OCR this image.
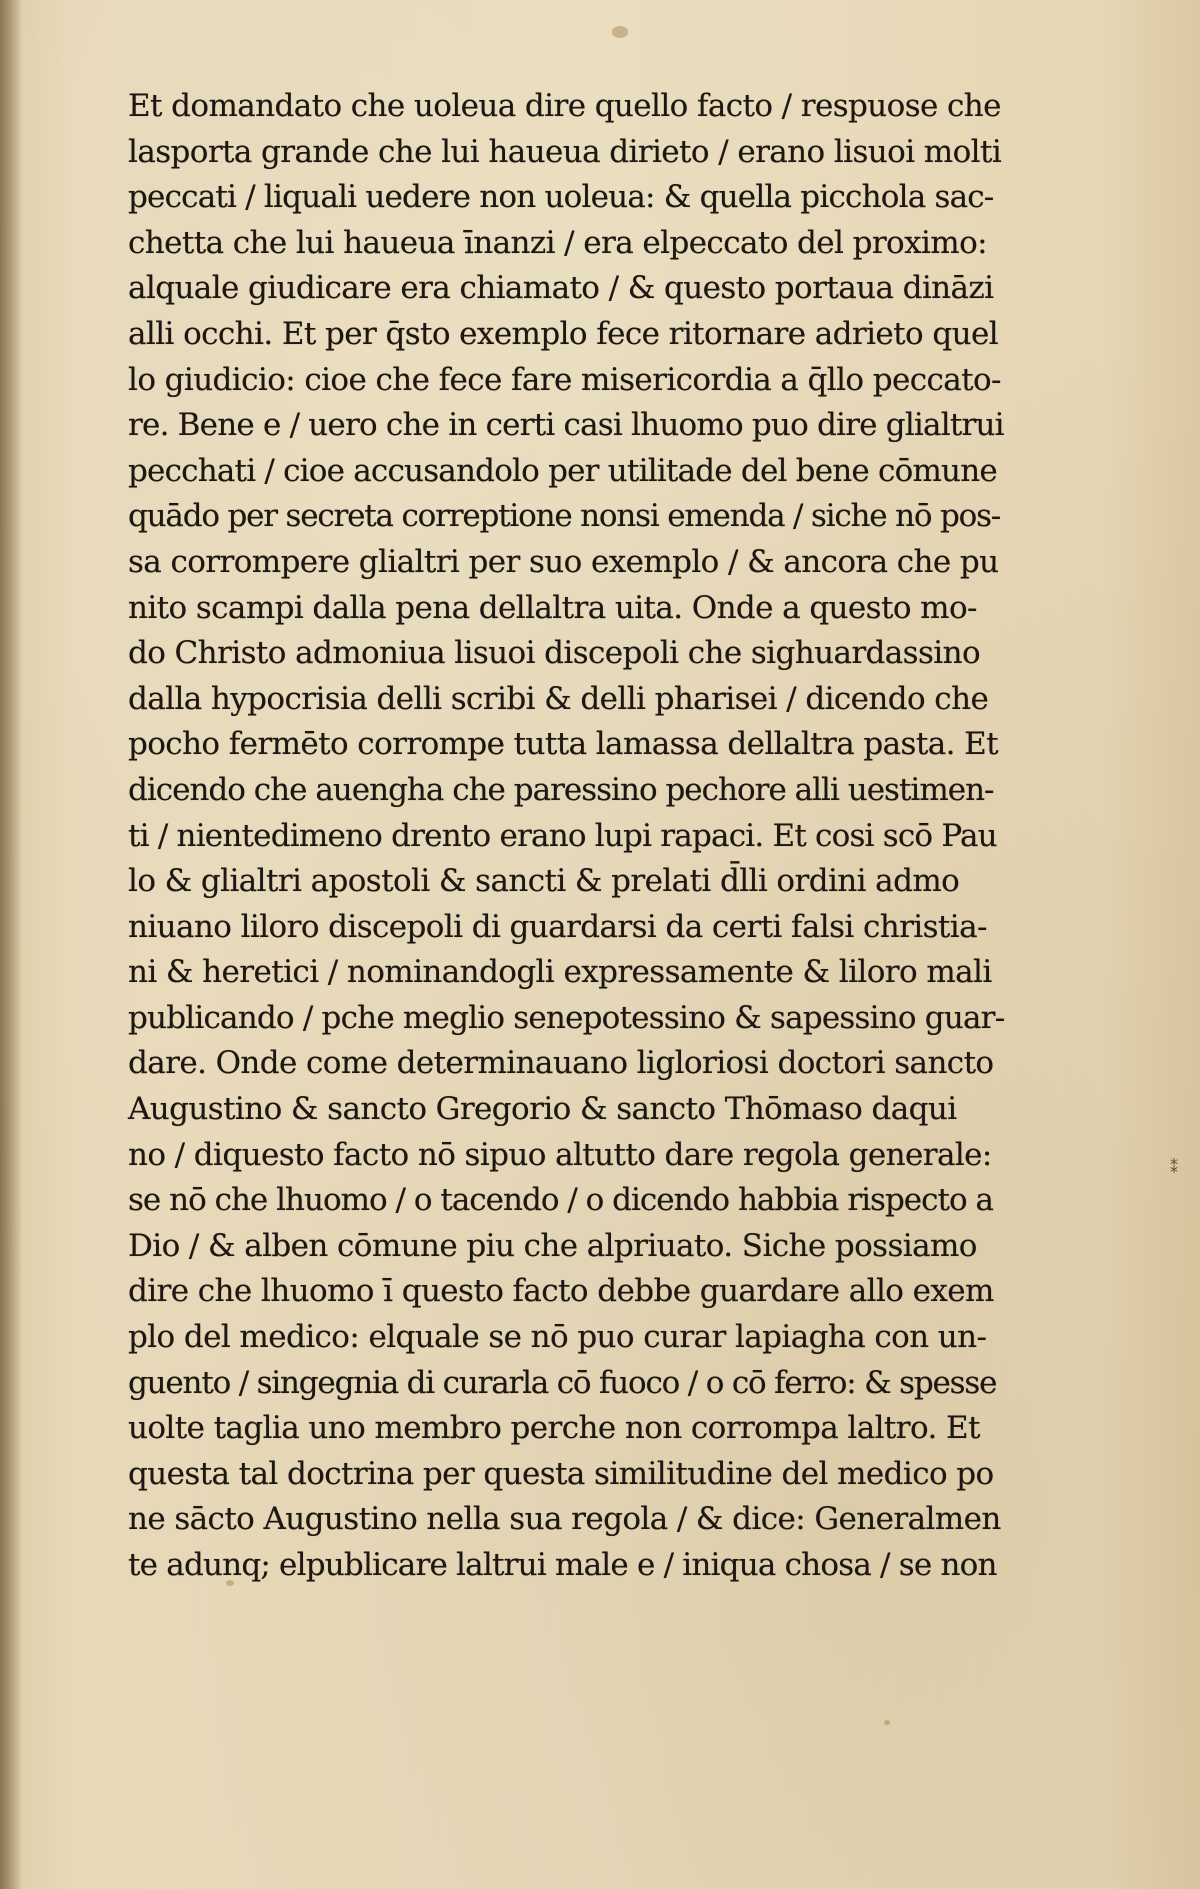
Et domandato che uoleua dire quello facto / respuose che
lasporta grande che lui haueua dirieto / erano lisuoi molti
peccati / liquali uedere non uoleua: & quella picchola sac-
chetta che lui haueua īnanzi / era elpeccato del proximo:
alquale giudicare era chiamato / & questo portaua dināzi
alli occhi. Et per q̄sto exemplo fece ritornare adrieto quel
lo giudicio: cioe che fece fare misericordia a q̄llo peccato-
re. Bene e / uero che in certi casi lhuomo puo dire glialtrui
pecchati / cioe accusandolo per utilitade del bene cōmune
quādo per secreta correptione nonsi emenda / siche nō pos-
sa corrompere glialtri per suo exemplo / & ancora che pu
nito scampi dalla pena dellaltra uita. Onde a questo mo-
do Christo admoniua lisuoi discepoli che sighuardassino
dalla hypocrisia delli scribi & delli pharisei / dicendo che
pocho fermēto corrompe tutta lamassa dellaltra pasta. Et
dicendo che auengha che paressino pechore alli uestimen-
ti / nientedimeno drento erano lupi rapaci. Et cosi scō Pau
lo & glialtri apostoli & sancti & prelati d̄lli ordini admo
niuano liloro discepoli di guardarsi da certi falsi christia-
ni & heretici / nominandogli expressamente & liloro mali
publicando / pche meglio senepotessino & sapessino guar-
dare. Onde come determinauano ligloriosi doctori sancto
Augustino & sancto Gregorio & sancto Thōmaso daqui
no / diquesto facto nō sipuo altutto dare regola generale:
se nō che lhuomo / o tacendo / o dicendo habbia rispecto a
Dio / & alben cōmune piu che alpriuato. Siche possiamo
dire che lhuomo ī questo facto debbe guardare allo exem
plo del medico: elquale se nō puo curar lapiagha con un-
guento / singegnia di curarla cō fuoco / o cō ferro: & spesse
uolte taglia uno membro perche non corrompa laltro. Et
questa tal doctrina per questa similitudine del medico po
ne sācto Augustino nella sua regola / & dice: Generalmen
te adunq; elpublicare laltrui male e / iniqua chosa / se non
⁑
